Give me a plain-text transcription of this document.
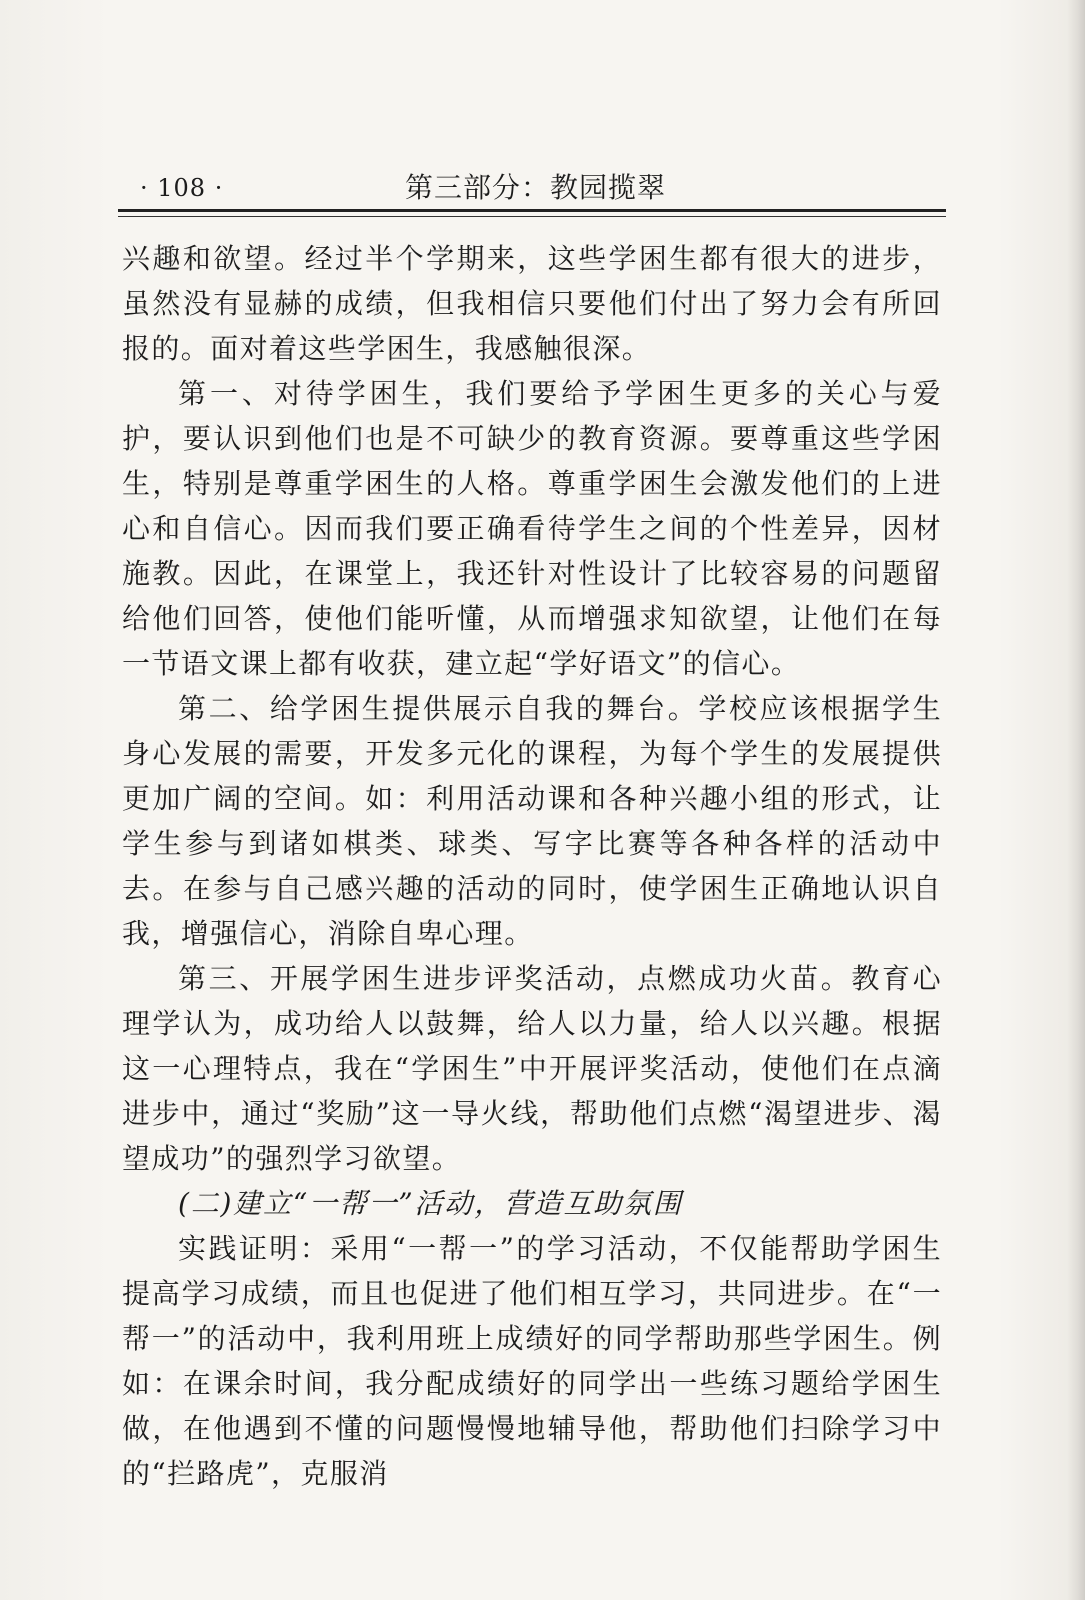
· 108 ·	第三部分：教园揽翠

兴趣和欲望。经过半个学期来，这些学困生都有很大的进步，虽然没有显赫的成绩，但我相信只要他们付出了努力会有所回报的。面对着这些学困生，我感触很深。

第一、对待学困生，我们要给予学困生更多的关心与爱护，要认识到他们也是不可缺少的教育资源。要尊重这些学困生，特别是尊重学困生的人格。尊重学困生会激发他们的上进心和自信心。因而我们要正确看待学生之间的个性差异，因材施教。因此，在课堂上，我还针对性设计了比较容易的问题留给他们回答，使他们能听懂，从而增强求知欲望，让他们在每一节语文课上都有收获，建立起“学好语文”的信心。

第二、给学困生提供展示自我的舞台。学校应该根据学生身心发展的需要，开发多元化的课程，为每个学生的发展提供更加广阔的空间。如：利用活动课和各种兴趣小组的形式，让学生参与到诸如棋类、球类、写字比赛等各种各样的活动中去。在参与自己感兴趣的活动的同时，使学困生正确地认识自我，增强信心，消除自卑心理。

第三、开展学困生进步评奖活动，点燃成功火苗。教育心理学认为，成功给人以鼓舞，给人以力量，给人以兴趣。根据这一心理特点，我在“学困生”中开展评奖活动，使他们在点滴进步中，通过“奖励”这一导火线，帮助他们点燃“渴望进步、渴望成功”的强烈学习欲望。

(二)建立“一帮一”活动，营造互助氛围

实践证明：采用“一帮一”的学习活动，不仅能帮助学困生提高学习成绩，而且也促进了他们相互学习，共同进步。在“一帮一”的活动中，我利用班上成绩好的同学帮助那些学困生。例如：在课余时间，我分配成绩好的同学出一些练习题给学困生做，在他遇到不懂的问题慢慢地辅导他，帮助他们扫除学习中的“拦路虎”，克服消
